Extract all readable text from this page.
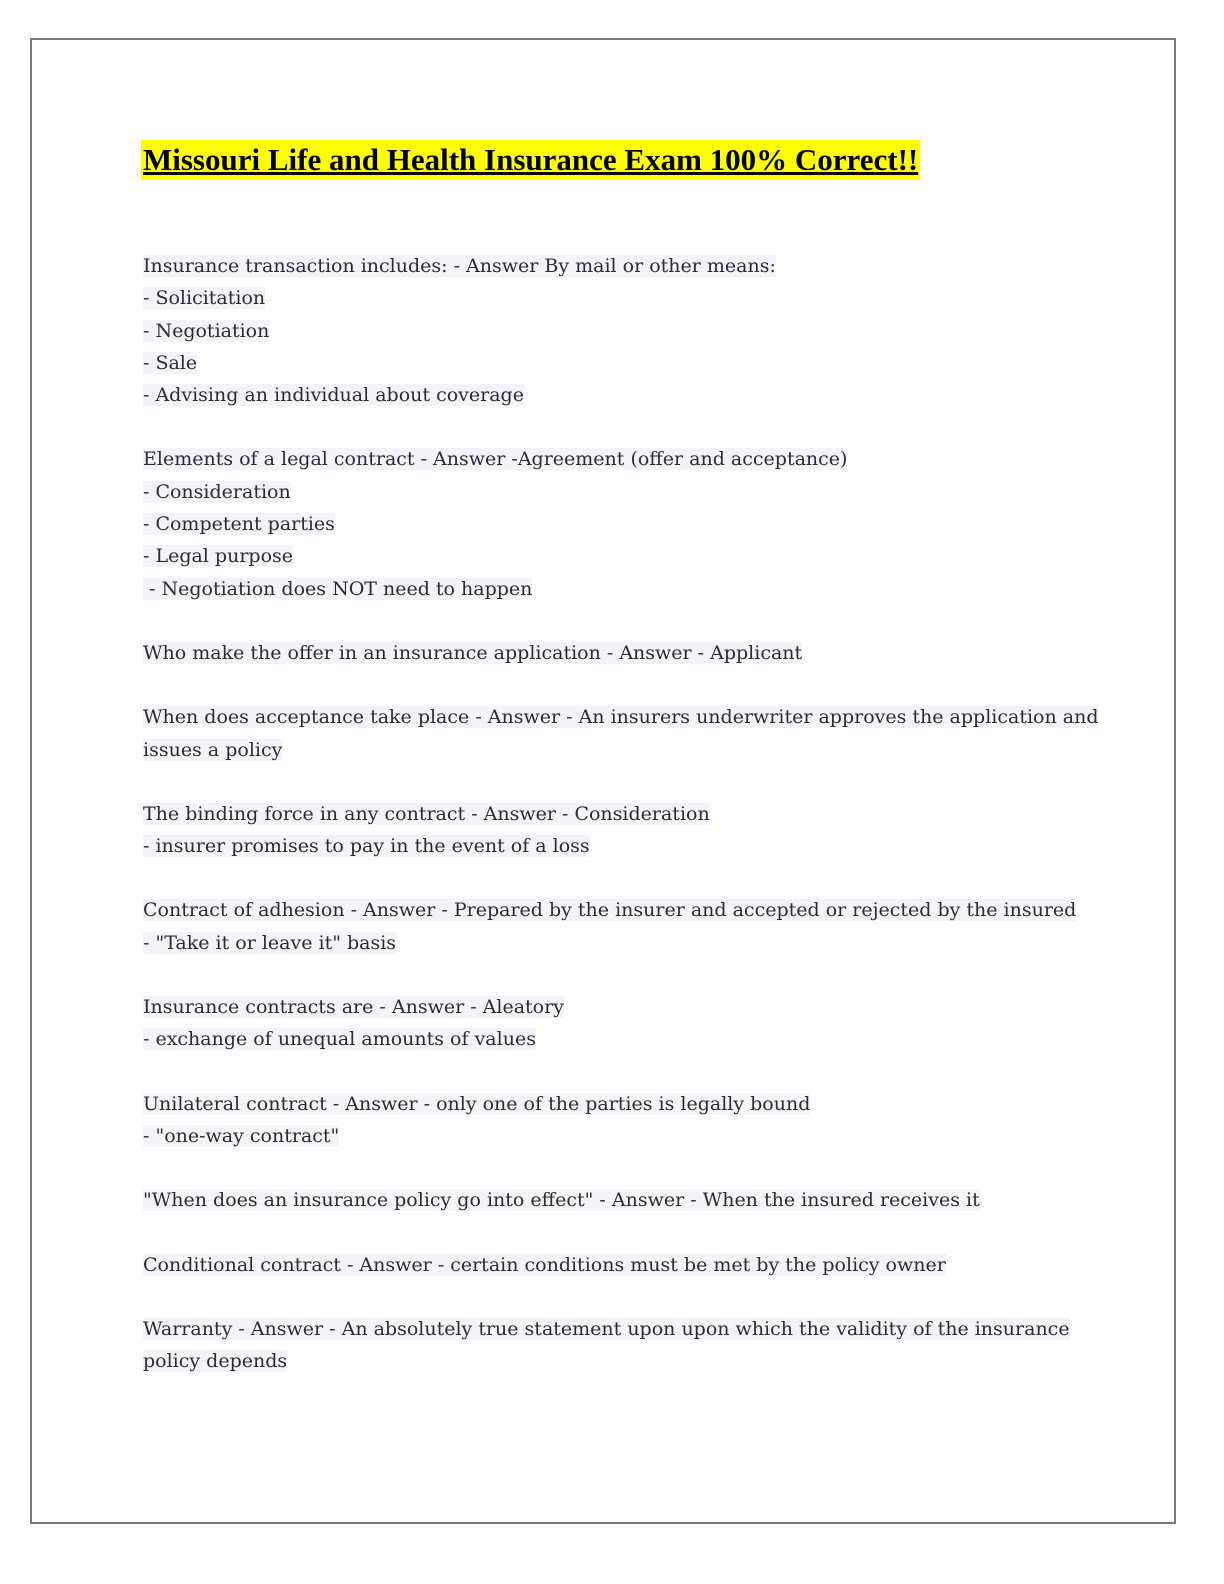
Missouri Life and Health Insurance Exam 100% Correct!!
Insurance transaction includes: - Answer By mail or other means:
- Solicitation
- Negotiation
- Sale
- Advising an individual about coverage
Elements of a legal contract - Answer -Agreement (offer and acceptance)
- Consideration
- Competent parties
- Legal purpose
- Negotiation does NOT need to happen
Who make the offer in an insurance application - Answer - Applicant
When does acceptance take place - Answer - An insurers underwriter approves the application and
issues a policy
The binding force in any contract - Answer - Consideration
- insurer promises to pay in the event of a loss
Contract of adhesion - Answer - Prepared by the insurer and accepted or rejected by the insured
- "Take it or leave it" basis
Insurance contracts are - Answer - Aleatory
- exchange of unequal amounts of values
Unilateral contract - Answer - only one of the parties is legally bound
- "one-way contract"
"When does an insurance policy go into effect" - Answer - When the insured receives it
Conditional contract - Answer - certain conditions must be met by the policy owner
Warranty - Answer - An absolutely true statement upon upon which the validity of the insurance
policy depends
